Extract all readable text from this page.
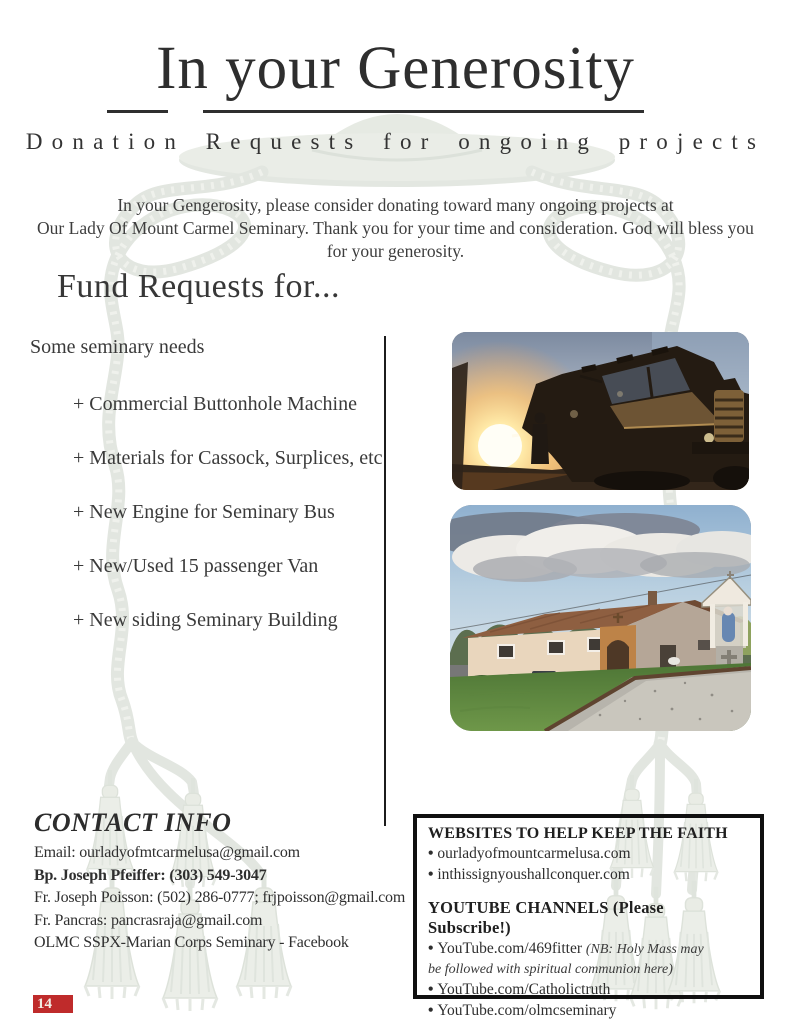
In your Generosity
Donation Requests for ongoing projects
In your Gengerosity, please consider donating toward many ongoing projects at
Our Lady Of Mount Carmel Seminary. Thank you for your time and consideration. God will bless you
for your generosity.
Fund Requests for...
Some seminary needs
+ Commercial Buttonhole Machine
+ Materials for Cassock, Surplices, etc
+ New Engine for Seminary Bus
+ New/Used 15 passenger Van
+ New siding Seminary Building
CONTACT INFO
Email: ourladyofmtcarmelusa@gmail.com
Bp. Joseph Pfeiffer: (303) 549-3047
Fr. Joseph Poisson: (502) 286-0777; frjpoisson@gmail.com
Fr. Pancras: pancrasraja@gmail.com
OLMC SSPX-Marian Corps Seminary - Facebook
WEBSITES TO HELP KEEP THE FAITH
• ourladyofmountcarmelusa.com
• inthissignyoushallconquer.com
YOUTUBE CHANNELS (Please Subscribe!)
• YouTube.com/469fitter (NB: Holy Mass may
be followed with spiritual communion here)
• YouTube.com/Catholictruth
• YouTube.com/olmcseminary
14
